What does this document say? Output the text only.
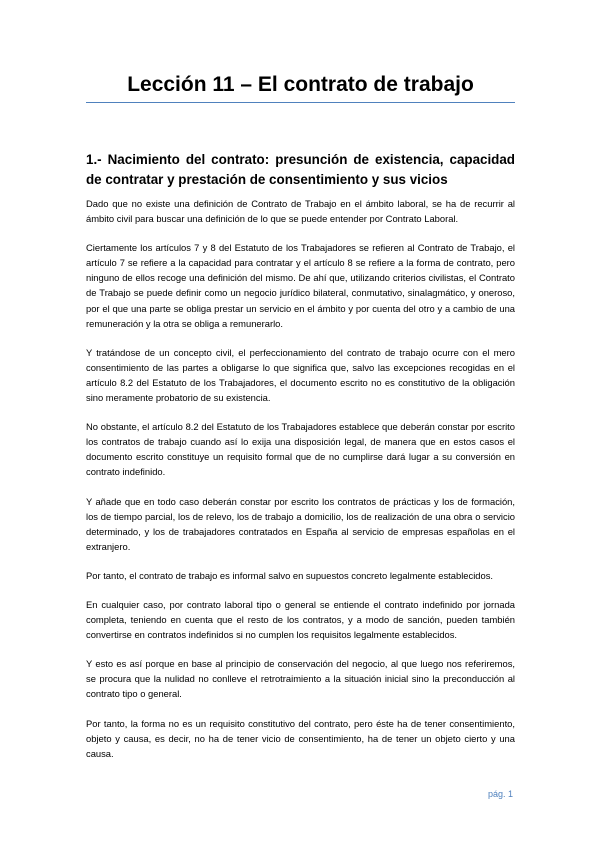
Lección 11 – El contrato de trabajo
1.- Nacimiento del contrato: presunción de existencia, capacidad de contratar y prestación de consentimiento y sus vicios

Dado que no existe una definición de Contrato de Trabajo en el ámbito laboral, se ha de recurrir al ámbito civil para buscar una definición de lo que se puede entender por Contrato Laboral.

Ciertamente los artículos 7 y 8 del Estatuto de los Trabajadores se refieren al Contrato de Trabajo, el artículo 7 se refiere a la capacidad para contratar y el artículo 8 se refiere a la forma de contrato, pero ninguno de ellos recoge una definición del mismo. De ahí que, utilizando criterios civilistas, el Contrato de Trabajo se puede definir como un negocio jurídico bilateral, conmutativo, sinalagmático, y oneroso, por el que una parte se obliga prestar un servicio en el ámbito y por cuenta del otro y a cambio de una remuneración y la otra se obliga a remunerarlo.

Y tratándose de un concepto civil, el perfeccionamiento del contrato de trabajo ocurre con el mero consentimiento de las partes a obligarse lo que significa que, salvo las excepciones recogidas en el artículo 8.2 del Estatuto de los Trabajadores, el documento escrito no es constitutivo de la obligación sino meramente probatorio de su existencia.

No obstante, el artículo 8.2 del Estatuto de los Trabajadores establece que deberán constar por escrito los contratos de trabajo cuando así lo exija una disposición legal, de manera que en estos casos el documento escrito constituye un requisito formal que de no cumplirse dará lugar a su conversión en contrato indefinido.

Y añade que en todo caso deberán constar por escrito los contratos de prácticas y los de formación, los de tiempo parcial, los de relevo, los de trabajo a domicilio, los de realización de una obra o servicio determinado, y los de trabajadores contratados en España al servicio de empresas españolas en el extranjero.

Por tanto, el contrato de trabajo es informal salvo en supuestos concreto legalmente establecidos.

En cualquier caso, por contrato laboral tipo o general se entiende el contrato indefinido por jornada completa, teniendo en cuenta que el resto de los contratos, y a modo de sanción, pueden también convertirse en contratos indefinidos si no cumplen los requisitos legalmente establecidos.

Y esto es así porque en base al principio de conservación del negocio, al que luego nos referiremos, se procura que la nulidad no conlleve el retrotraimiento a la situación inicial sino la preconducción al contrato tipo o general.

Por tanto, la forma no es un requisito constitutivo del contrato, pero éste ha de tener consentimiento, objeto y causa, es decir, no ha de tener vicio de consentimiento, ha de tener un objeto cierto y una causa.

pág. 1
